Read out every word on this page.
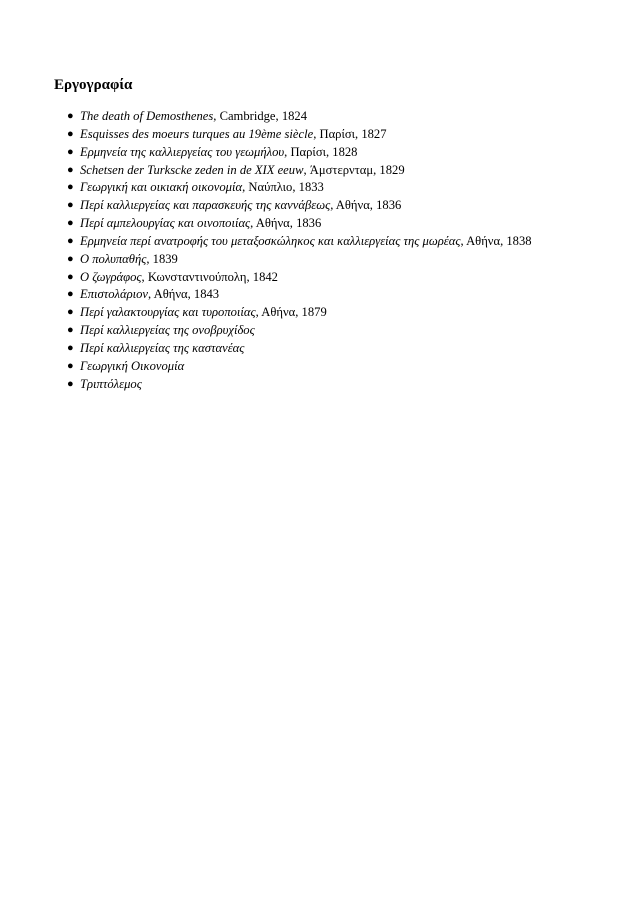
Εργογραφία
● The death of Demosthenes, Cambridge, 1824
● Esquisses des moeurs turques au 19ème siècle, Παρίσι, 1827
● Ερμηνεία της καλλιεργείας του γεωμήλου, Παρίσι, 1828
● Schetsen der Turkscke zeden in de XIX eeuw, Άμστερνταμ, 1829
● Γεωργική και οικιακή οικονομία, Ναύπλιο, 1833
● Περί καλλιεργείας και παρασκευής της καννάβεως, Αθήνα, 1836
● Περί αμπελουργίας και οινοποιίας, Αθήνα, 1836
● Ερμηνεία περί ανατροφής του μεταξοσκώληκος και καλλιεργείας της μωρέας, Αθήνα, 1838
● Ο πολυπαθής, 1839
● Ο ζωγράφος, Κωνσταντινούπολη, 1842
● Επιστολάριον, Αθήνα, 1843
● Περί γαλακτουργίας και τυροποιίας, Αθήνα, 1879
● Περί καλλιεργείας της ονοβρυχίδος
● Περί καλλιεργείας της καστανέας
● Γεωργική Οικονομία
● Τριπτόλεμος
